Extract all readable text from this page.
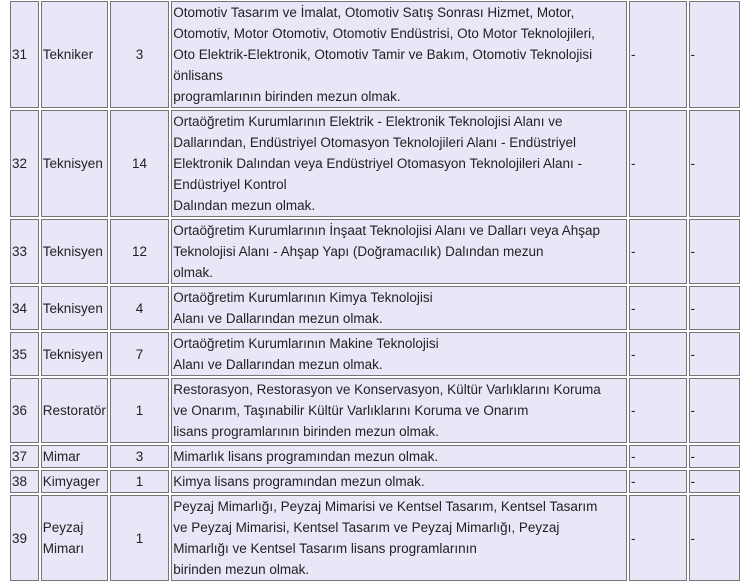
31	Tekniker	3	Otomotiv Tasarım ve İmalat, Otomotiv Satış Sonrası Hizmet, Motor,
Otomotiv, Motor Otomotiv, Otomotiv Endüstrisi, Oto Motor Teknolojileri,
Oto Elektrik-Elektronik, Otomotiv Tamir ve Bakım, Otomotiv Teknolojisi
önlisans
programlarının birinden mezun olmak.	-	-
32	Teknisyen	14	Ortaöğretim Kurumlarının Elektrik - Elektronik Teknolojisi Alanı ve
Dallarından, Endüstriyel Otomasyon Teknolojileri Alanı - Endüstriyel
Elektronik Dalından veya Endüstriyel Otomasyon Teknolojileri Alanı -
Endüstriyel Kontrol
Dalından mezun olmak.	-	-
33	Teknisyen	12	Ortaöğretim Kurumlarının İnşaat Teknolojisi Alanı ve Dalları veya Ahşap
Teknolojisi Alanı - Ahşap Yapı (Doğramacılık) Dalından mezun
olmak.	-	-
34	Teknisyen	4	Ortaöğretim Kurumlarının Kimya Teknolojisi
Alanı ve Dallarından mezun olmak.	-	-
35	Teknisyen	7	Ortaöğretim Kurumlarının Makine Teknolojisi
Alanı ve Dallarından mezun olmak.	-	-
36	Restoratör	1	Restorasyon, Restorasyon ve Konservasyon, Kültür Varlıklarını Koruma
ve Onarım, Taşınabilir Kültür Varlıklarını Koruma ve Onarım
lisans programlarının birinden mezun olmak.	-	-
37	Mimar	3	Mimarlık lisans programından mezun olmak.	-	-
38	Kimyager	1	Kimya lisans programından mezun olmak.	-	-
39	Peyzaj
Mimarı	1	Peyzaj Mimarlığı, Peyzaj Mimarisi ve Kentsel Tasarım, Kentsel Tasarım
ve Peyzaj Mimarisi, Kentsel Tasarım ve Peyzaj Mimarlığı, Peyzaj
Mimarlığı ve Kentsel Tasarım lisans programlarının
birinden mezun olmak.	-	-
